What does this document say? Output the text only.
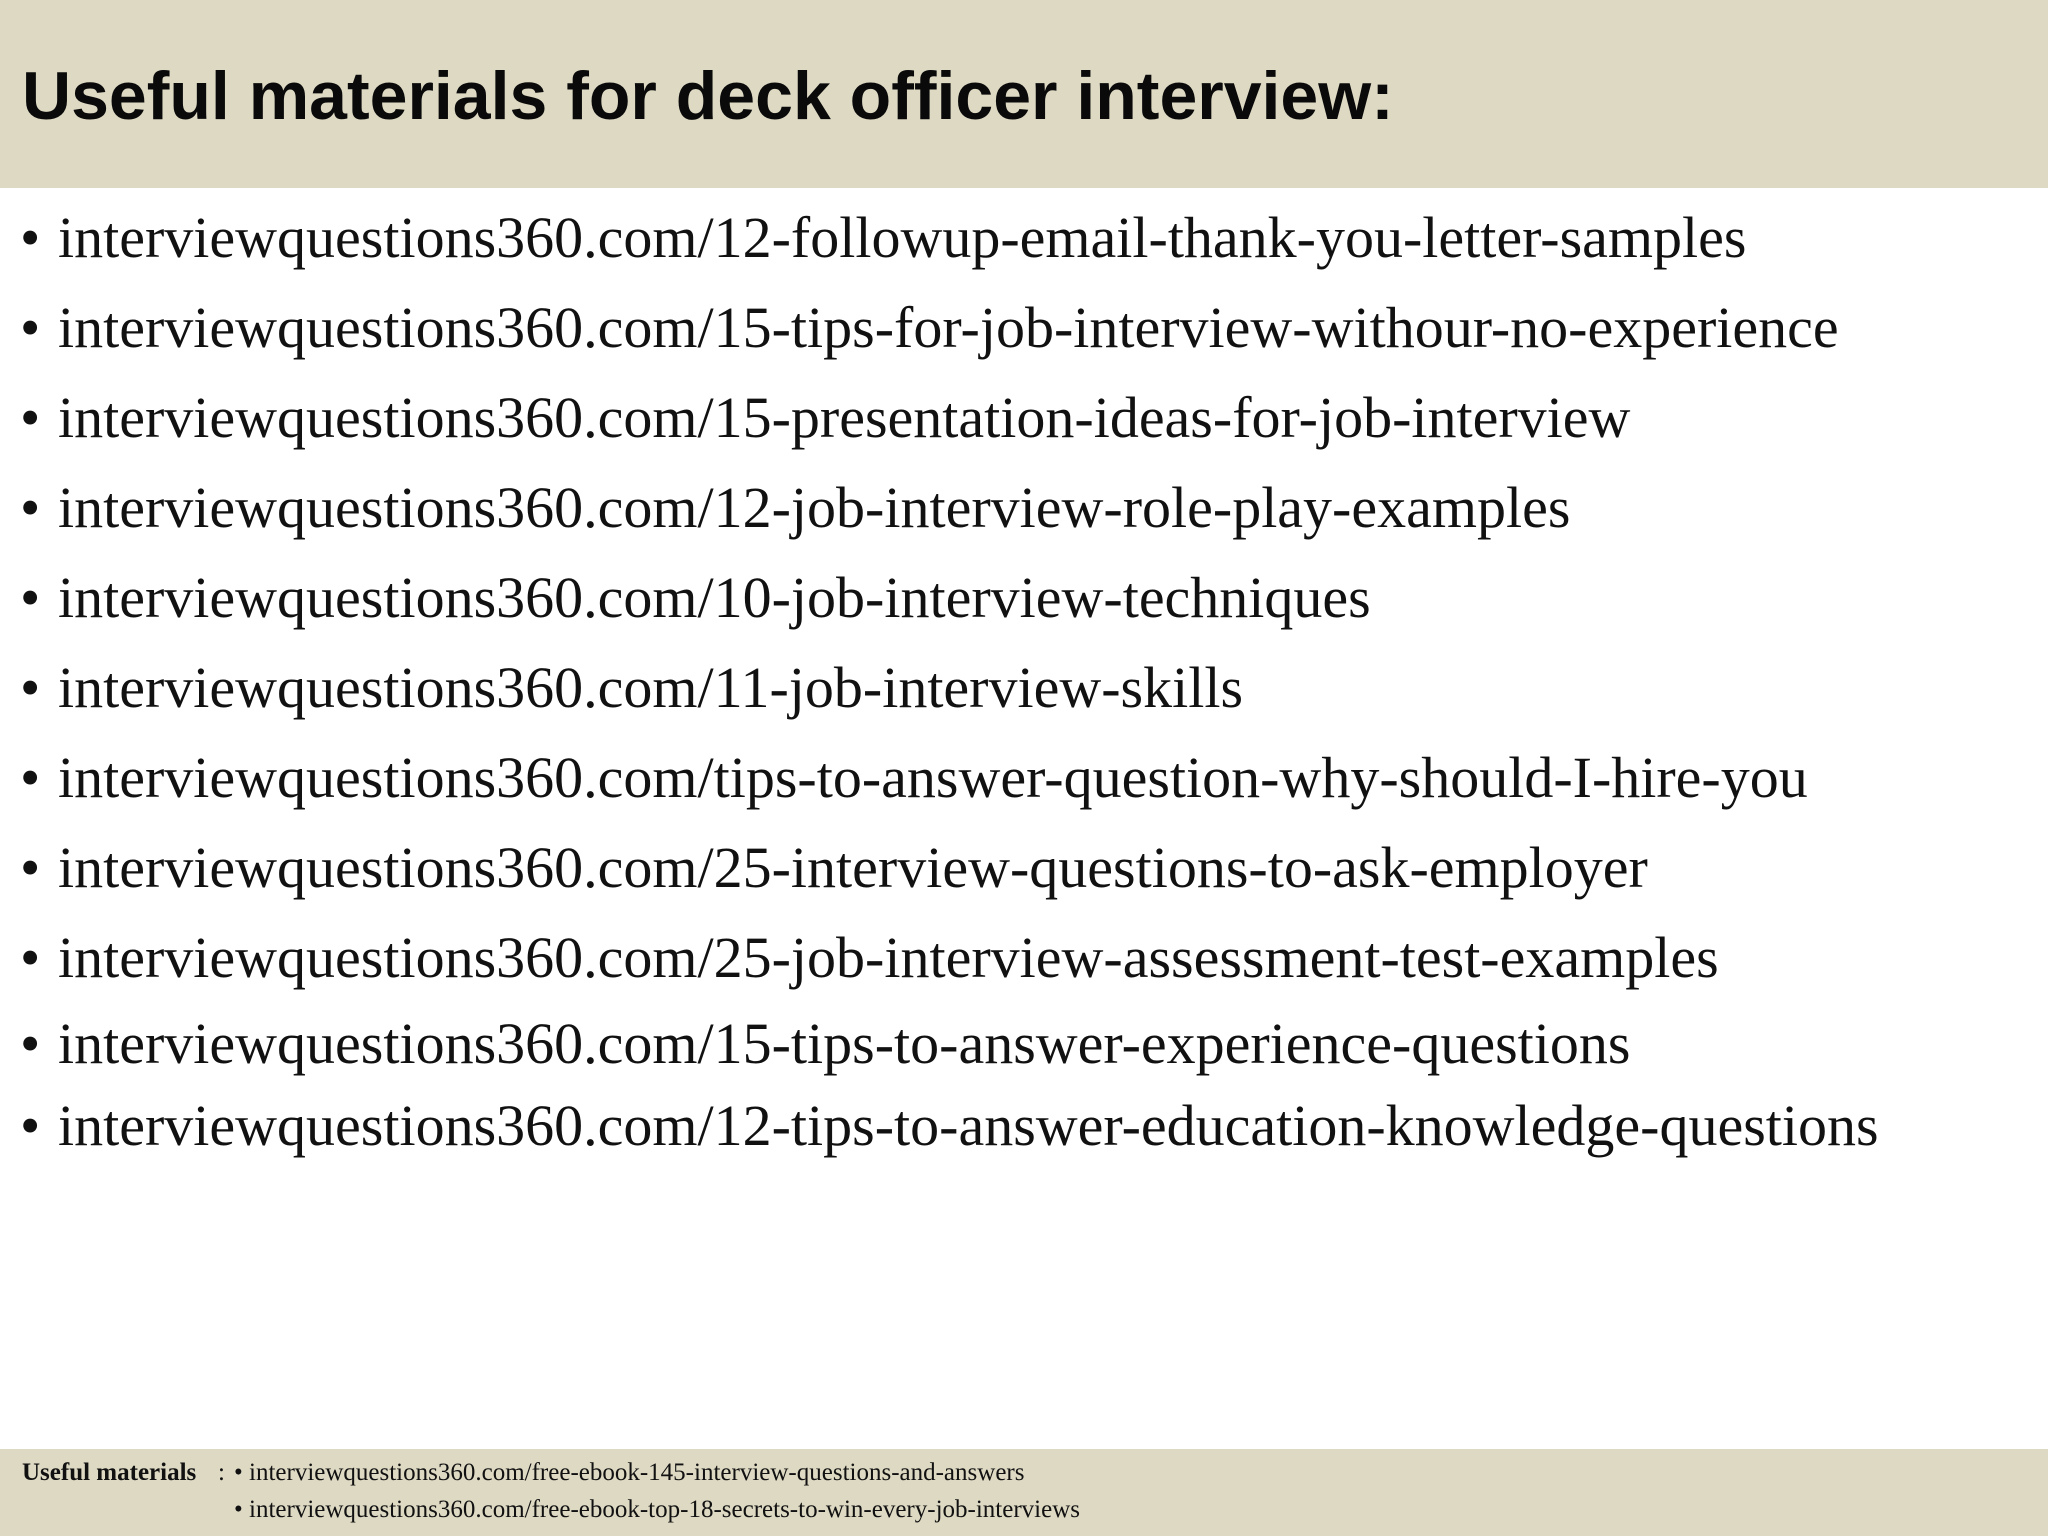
Useful materials for deck officer interview:
• interviewquestions360.com/12-followup-email-thank-you-letter-samples
• interviewquestions360.com/15-tips-for-job-interview-withour-no-experience
• interviewquestions360.com/15-presentation-ideas-for-job-interview
• interviewquestions360.com/12-job-interview-role-play-examples
• interviewquestions360.com/10-job-interview-techniques
• interviewquestions360.com/11-job-interview-skills
• interviewquestions360.com/tips-to-answer-question-why-should-I-hire-you
• interviewquestions360.com/25-interview-questions-to-ask-employer
• interviewquestions360.com/25-job-interview-assessment-test-examples
• interviewquestions360.com/15-tips-to-answer-experience-questions
• interviewquestions360.com/12-tips-to-answer-education-knowledge-questions
Useful materials : • interviewquestions360.com/free-ebook-145-interview-questions-and-answers
• interviewquestions360.com/free-ebook-top-18-secrets-to-win-every-job-interviews
